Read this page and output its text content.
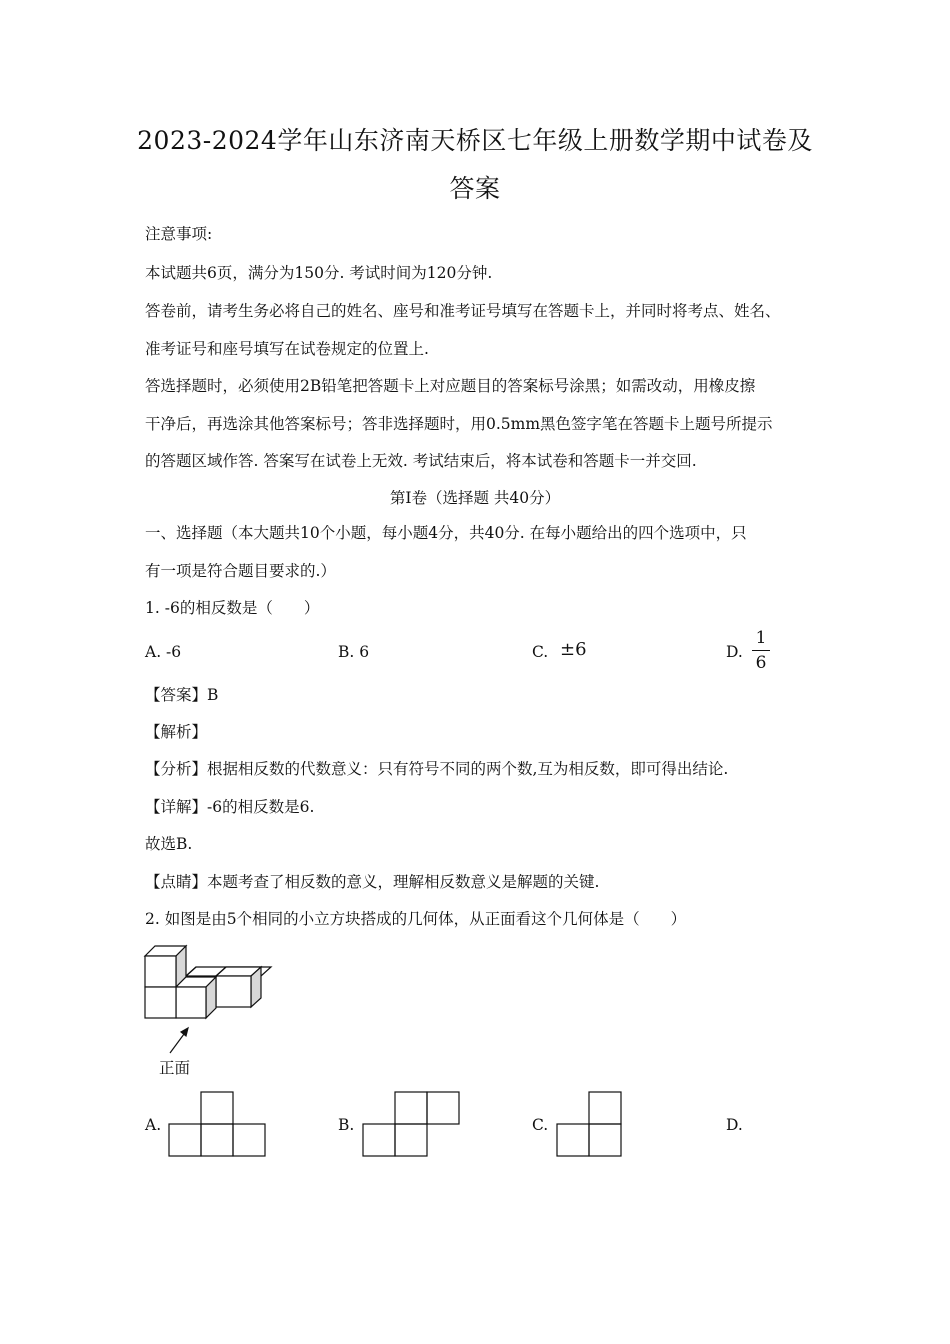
2023-2024学年山东济南天桥区七年级上册数学期中试卷及
答案
注意事项:
本试题共6页，满分为150分. 考试时间为120分钟.
答卷前，请考生务必将自己的姓名、座号和准考证号填写在答题卡上，并同时将考点、姓名、
准考证号和座号填写在试卷规定的位置上.
答选择题时，必须使用2B铅笔把答题卡上对应题目的答案标号涂黑；如需改动，用橡皮擦
干净后，再选涂其他答案标号；答非选择题时，用0.5mm黑色签字笔在答题卡上题号所提示
的答题区域作答. 答案写在试卷上无效. 考试结束后，将本试卷和答题卡一并交回.
第I卷（选择题 共40分）
一、选择题（本大题共10个小题，每小题4分，共40分. 在每小题给出的四个选项中，只
有一项是符合题目要求的.）
1. -6的相反数是（　　）
A. -6	B. 6	C. ±6	D.
1
6
【答案】B
【解析】
【分析】根据相反数的代数意义：只有符号不同的两个数,互为相反数，即可得出结论.
【详解】-6的相反数是6.
故选B.
【点睛】本题考查了相反数的意义，理解相反数意义是解题的关键.
2. 如图是由5个相同的小立方块搭成的几何体，从正面看这个几何体是（　　）
正面
A.	B.	C.	D.
